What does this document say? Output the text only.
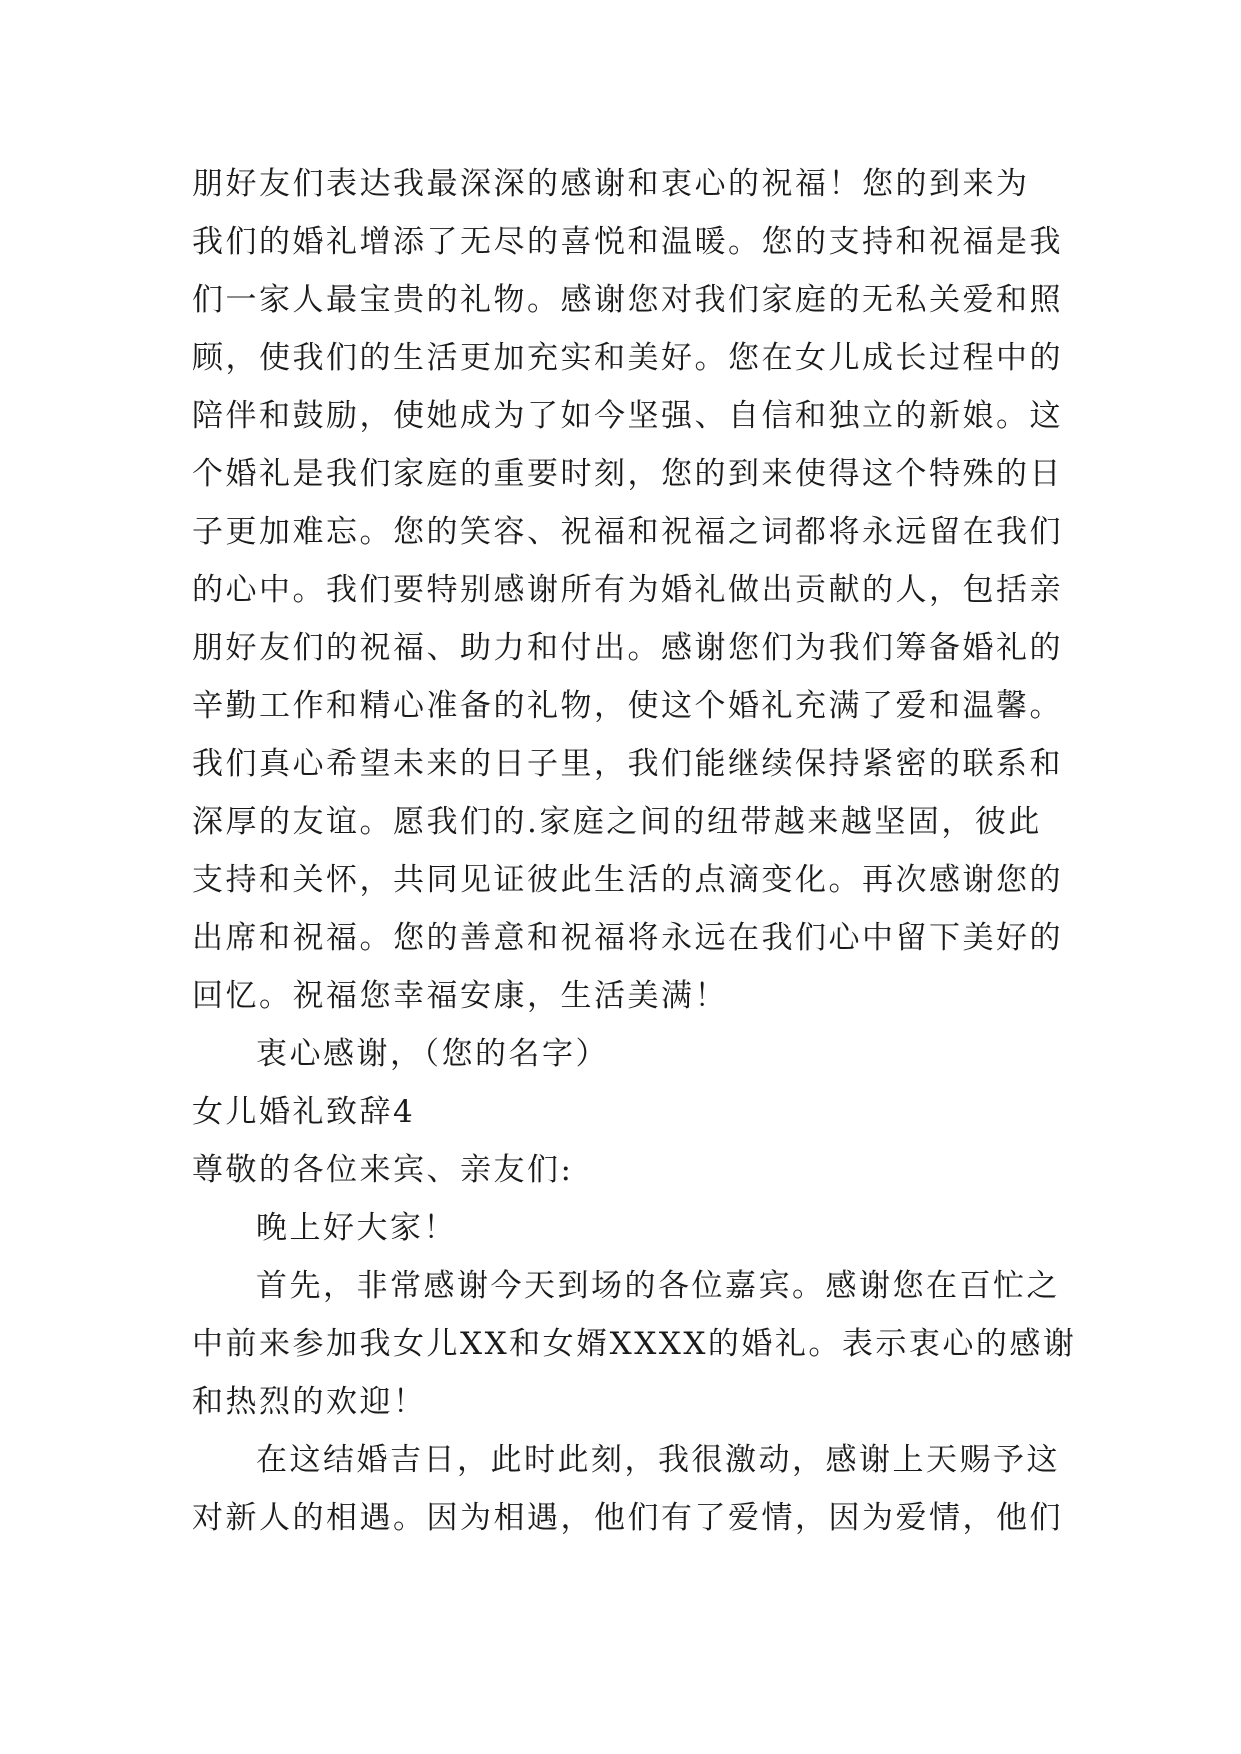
朋好友们表达我最深深的感谢和衷心的祝福！您的到来为
我们的婚礼增添了无尽的喜悦和温暖。您的支持和祝福是我
们一家人最宝贵的礼物。感谢您对我们家庭的无私关爱和照
顾，使我们的生活更加充实和美好。您在女儿成长过程中的
陪伴和鼓励，使她成为了如今坚强、自信和独立的新娘。这
个婚礼是我们家庭的重要时刻，您的到来使得这个特殊的日
子更加难忘。您的笑容、祝福和祝福之词都将永远留在我们
的心中。我们要特别感谢所有为婚礼做出贡献的人，包括亲
朋好友们的祝福、助力和付出。感谢您们为我们筹备婚礼的
辛勤工作和精心准备的礼物，使这个婚礼充满了爱和温馨。
我们真心希望未来的日子里，我们能继续保持紧密的联系和
深厚的友谊。愿我们的.家庭之间的纽带越来越坚固，彼此
支持和关怀，共同见证彼此生活的点滴变化。再次感谢您的
出席和祝福。您的善意和祝福将永远在我们心中留下美好的
回忆。祝福您幸福安康，生活美满！
衷心感谢，（您的名字）
女儿婚礼致辞4
尊敬的各位来宾、亲友们:
晚上好大家！
首先，非常感谢今天到场的各位嘉宾。感谢您在百忙之
中前来参加我女儿XX和女婿XXXX的婚礼。表示衷心的感谢
和热烈的欢迎！
在这结婚吉日，此时此刻，我很激动，感谢上天赐予这
对新人的相遇。因为相遇，他们有了爱情，因为爱情，他们
